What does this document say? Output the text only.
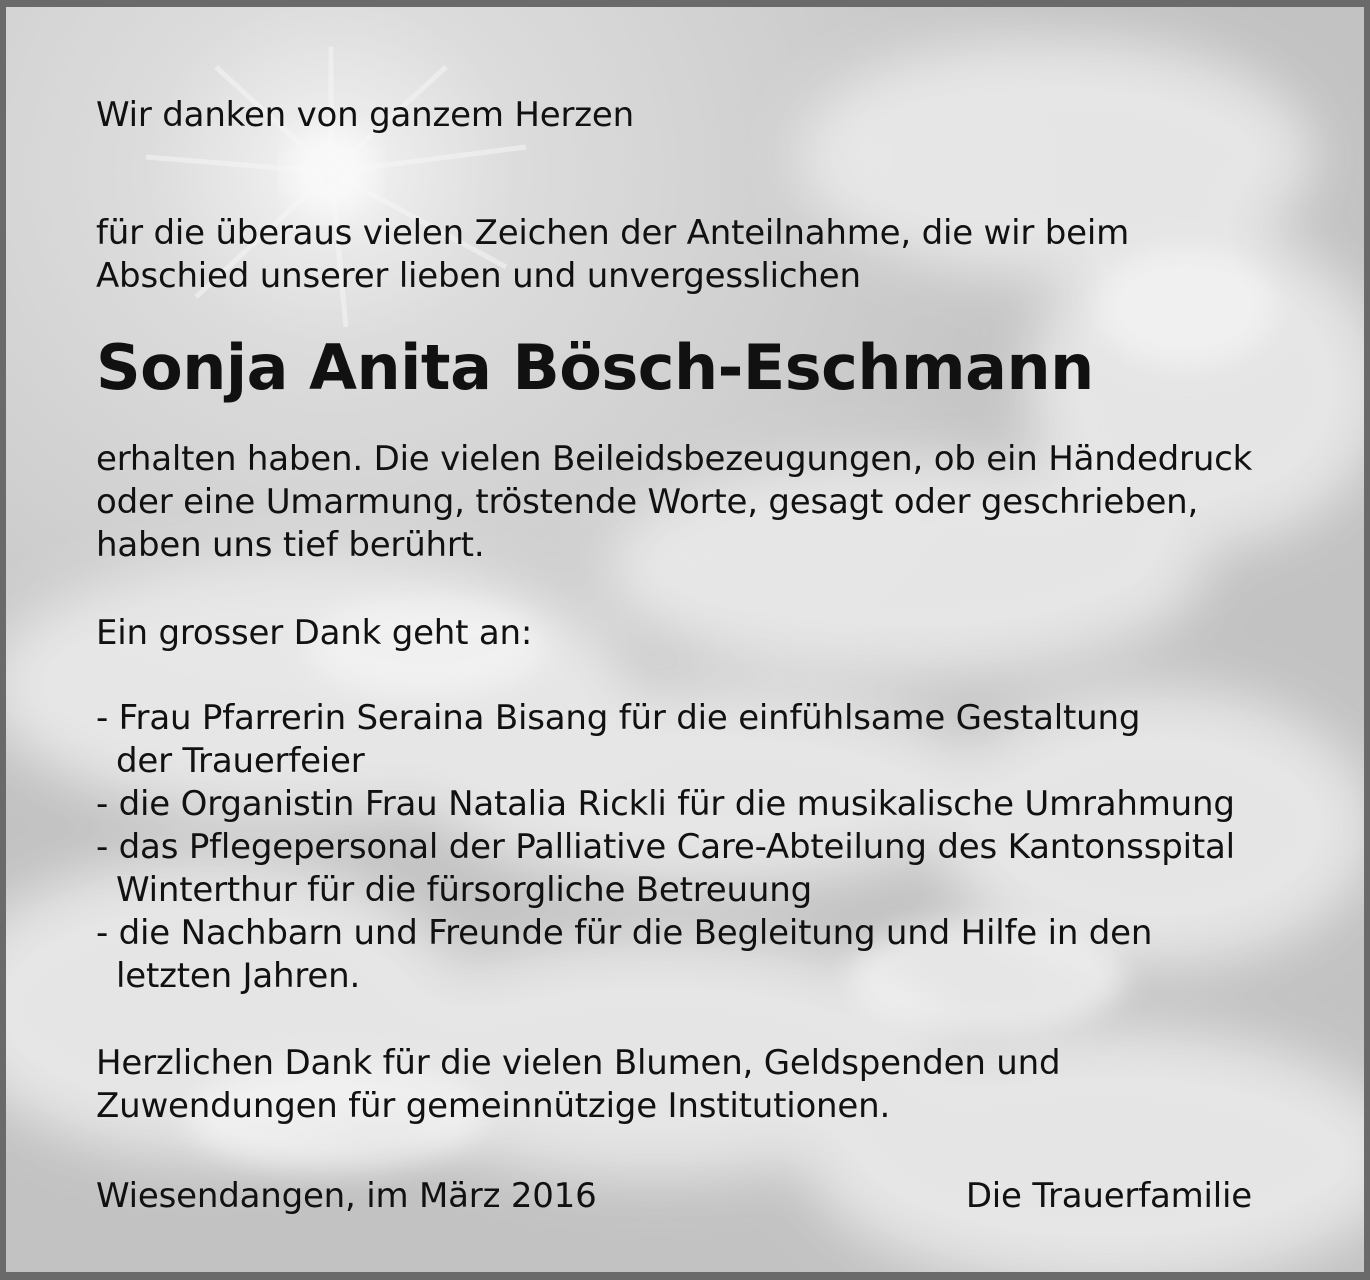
Wir danken von ganzem Herzen
für die überaus vielen Zeichen der Anteilnahme, die wir beim
Abschied unserer lieben und unvergesslichen
Sonja Anita Bösch-Eschmann
erhalten haben. Die vielen Beileidsbezeugungen, ob ein Händedruck
oder eine Umarmung, tröstende Worte, gesagt oder geschrieben,
haben uns tief berührt.
Ein grosser Dank geht an:
- Frau Pfarrerin Seraina Bisang für die einfühlsame Gestaltung
der Trauerfeier
- die Organistin Frau Natalia Rickli für die musikalische Umrahmung
- das Pflegepersonal der Palliative Care-Abteilung des Kantonsspital
Winterthur für die fürsorgliche Betreuung
- die Nachbarn und Freunde für die Begleitung und Hilfe in den
letzten Jahren.
Herzlichen Dank für die vielen Blumen, Geldspenden und
Zuwendungen für gemeinnützige Institutionen.
Wiesendangen, im März 2016	Die Trauerfamilie
